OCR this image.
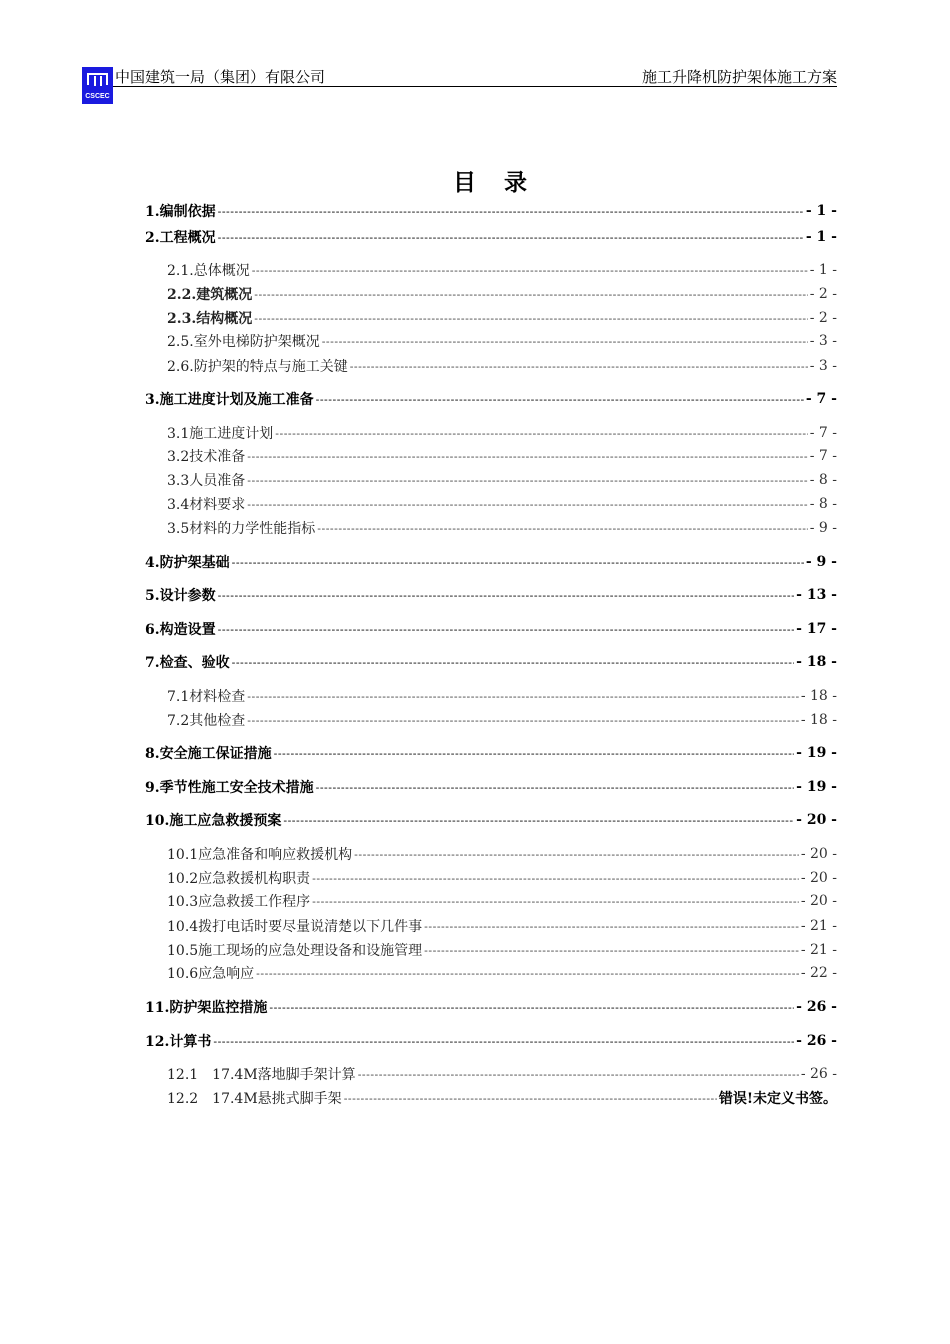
CSCEC
中国建筑一局（集团）有限公司	施工升降机防护架体施工方案
目 录
1.编制依据 -----	- 1 -
2.工程概况 -----	- 1 -
2.1.总体概况 -----	- 1 -
2.2.建筑概况 -----	- 2 -
2.3.结构概况 -----	- 2 -
2.5.室外电梯防护架概况 -----	- 3 -
2.6.防护架的特点与施工关键 -----	- 3 -
3.施工进度计划及施工准备 -----	- 7 -
3.1施工进度计划 -----	- 7 -
3.2技术准备 -----	- 7 -
3.3人员准备 -----	- 8 -
3.4材料要求 -----	- 8 -
3.5材料的力学性能指标 -----	- 9 -
4.防护架基础 -----	- 9 -
5.设计参数 -----	- 13 -
6.构造设置 -----	- 17 -
7.检查、验收 -----	- 18 -
7.1材料检查 -----	- 18 -
7.2其他检查 -----	- 18 -
8.安全施工保证措施 -----	- 19 -
9.季节性施工安全技术措施 -----	- 19 -
10.施工应急救援预案 -----	- 20 -
10.1应急准备和响应救援机构 -----	- 20 -
10.2应急救援机构职责 -----	- 20 -
10.3应急救援工作程序 -----	- 20 -
10.4拨打电话时要尽量说清楚以下几件事 -----	- 21 -
10.5施工现场的应急处理设备和设施管理 -----	- 21 -
10.6应急响应 -----	- 22 -
11.防护架监控措施 -----	- 26 -
12.计算书 -----	- 26 -
12.1　17.4M落地脚手架计算 -----	- 26 -
12.2　17.4M悬挑式脚手架 -----	错误!未定义书签。
